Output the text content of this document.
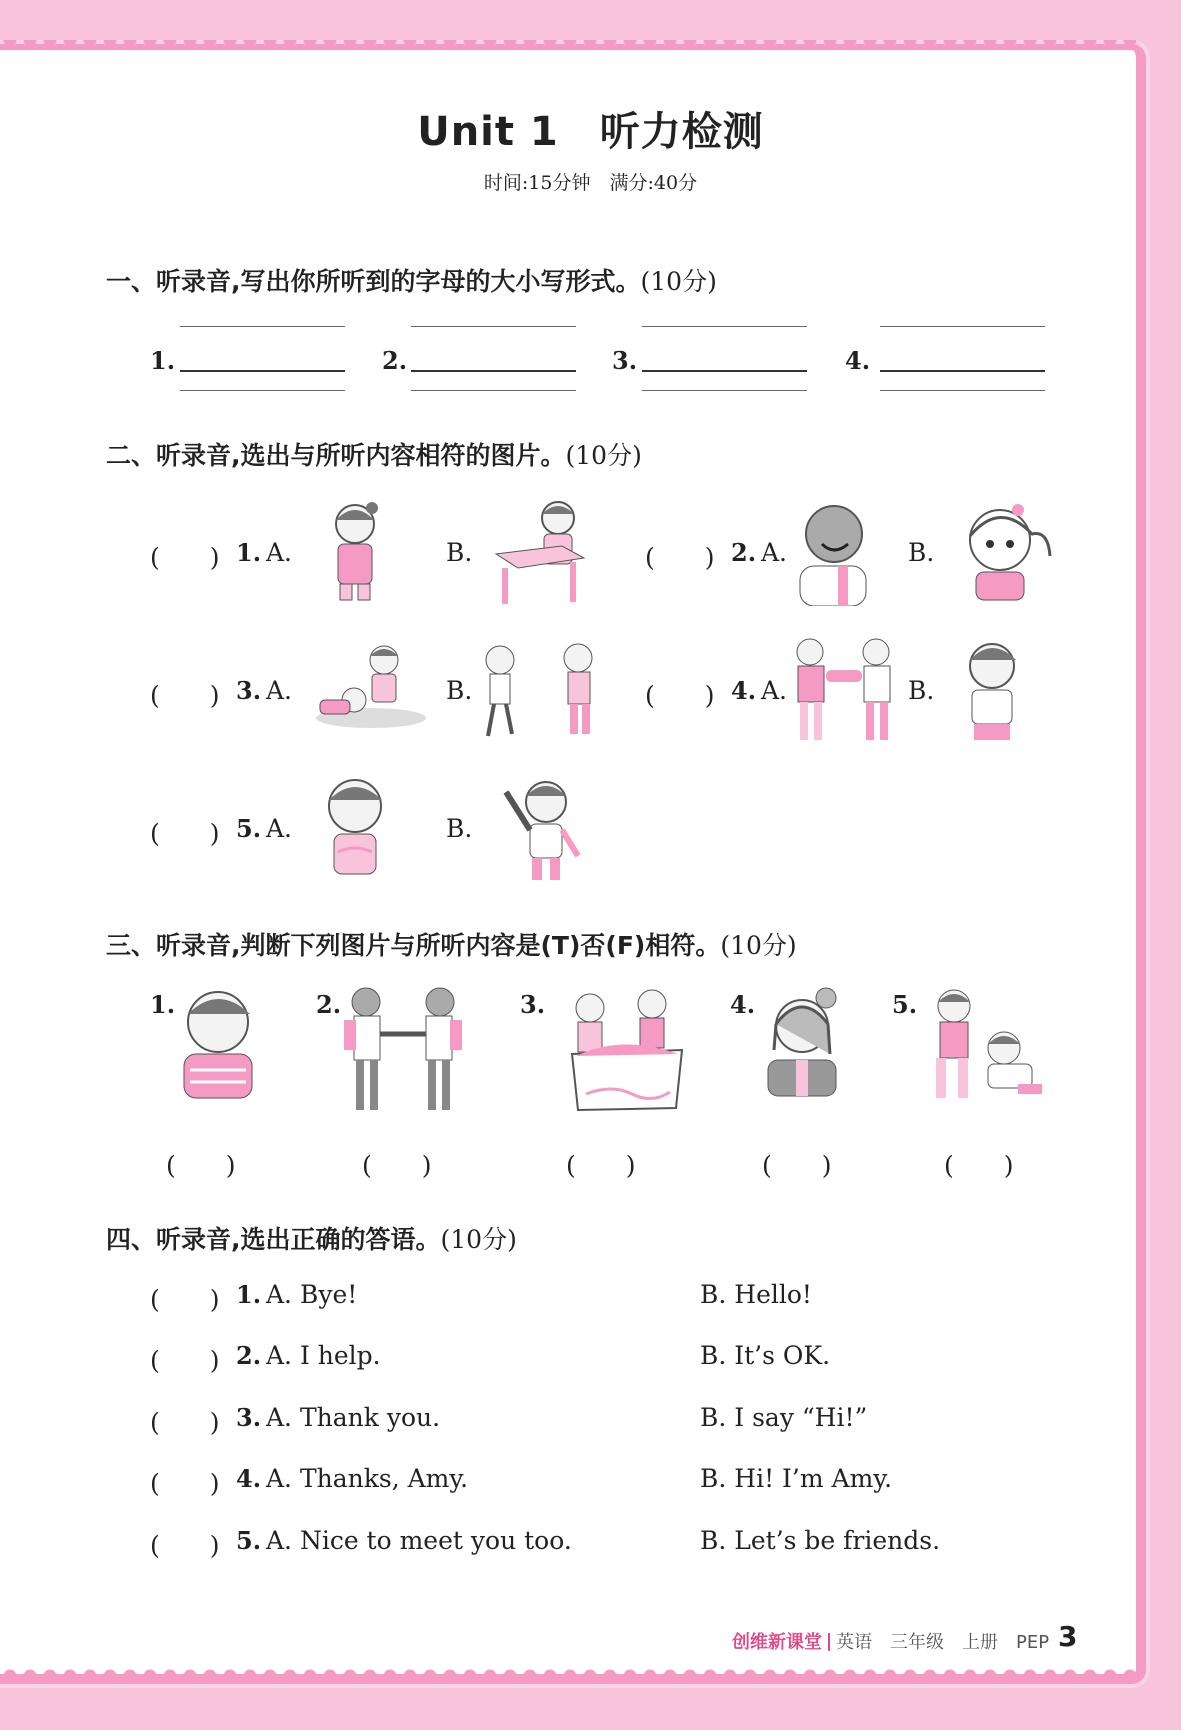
Unit 1　听力检测
时间:15分钟　满分:40分
一、听录音,写出你所听到的字母的大小写形式。(10分)
1.	2.	3.	4.
二、听录音,选出与所听内容相符的图片。(10分)
(　　) 1. A.	B.	(　　) 2. A.	B.
(　　) 3. A.	B.	(　　) 4. A.	B.
(　　) 5. A.	B.
三、听录音,判断下列图片与所听内容是(T)否(F)相符。(10分)
1.
(　　)
2.
(　　)
3.
(　　)
4.
(　　)
5.
(　　)
四、听录音,选出正确的答语。(10分)
(　　) 1. A. Bye!	B. Hello!
(　　) 2. A. I help.	B. It’s OK.
(　　) 3. A. Thank you.	B. I say “Hi!”
(　　) 4. A. Thanks, Amy.	B. Hi! I’m Amy.
(　　) 5. A. Nice to meet you too.	B. Let’s be friends.
创维新课堂 英语　三年级　上册　PEP 3
